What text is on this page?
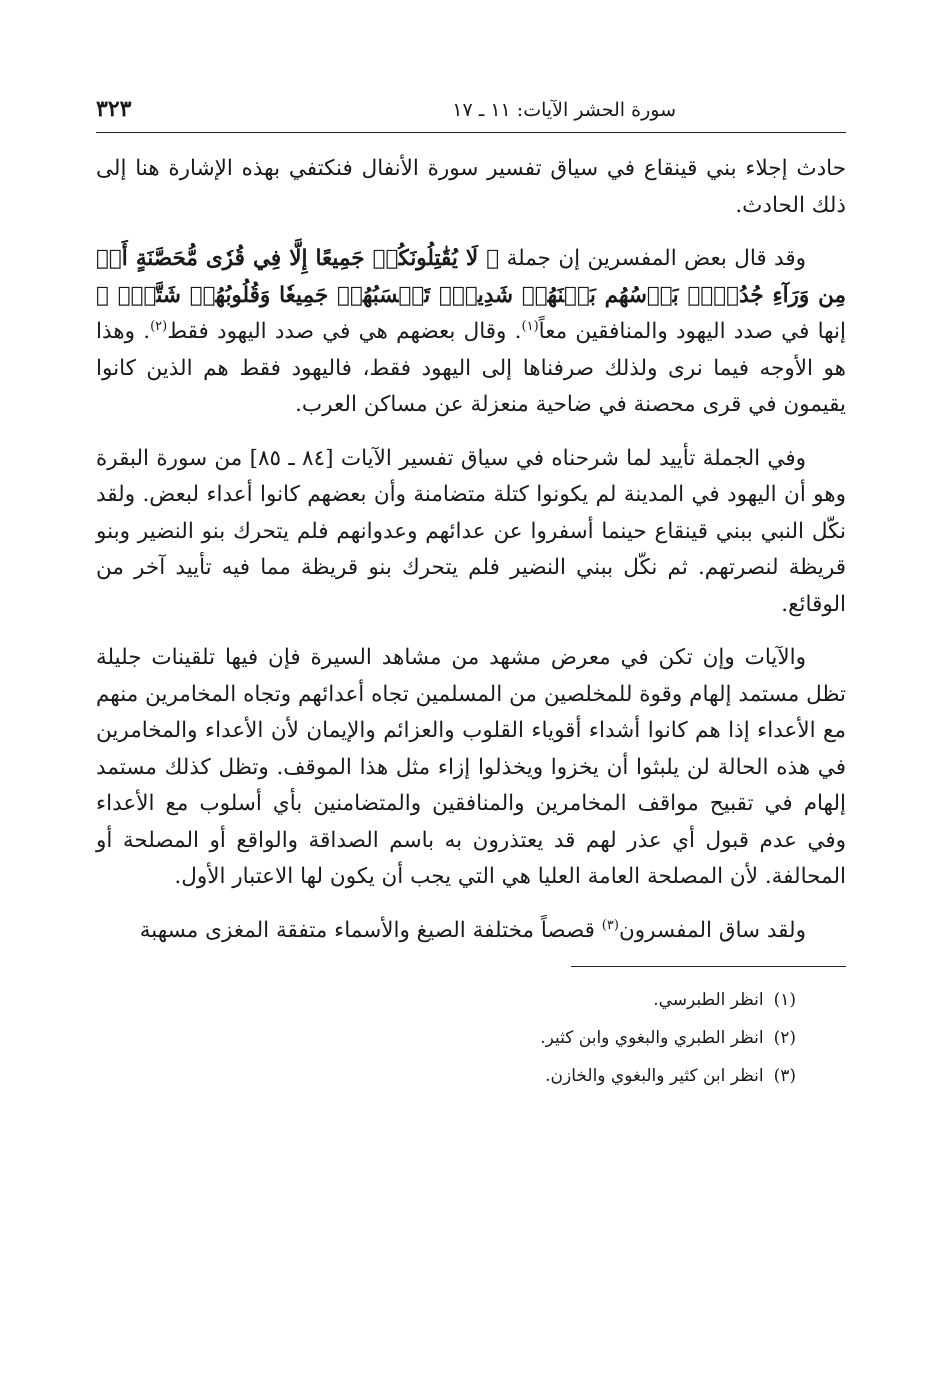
سورة الحشر الآيات: ١١ ـ ١٧
٣٢٣

حادث إجلاء بني قينقاع في سياق تفسير سورة الأنفال فنكتفي بهذه الإشارة هنا إلى ذلك الحادث.

وقد قال بعض المفسرين إن جملة ﴿ لَا يُقَٰتِلُونَكُمۡ جَمِيعًا إِلَّا فِي قُرٗى مُّحَصَّنَةٍ أَوۡ مِن وَرَآءِ جُدُرِۭۚ بَأۡسُهُم بَيۡنَهُمۡ شَدِيدٞۚ تَحۡسَبُهُمۡ جَمِيعٗا وَقُلُوبُهُمۡ شَتَّىٰۚ ﴾ إنها في صدد اليهود والمنافقين معاً$^{(١)}$. وقال بعضهم هي في صدد اليهود فقط$^{(٢)}$. وهذا هو الأوجه فيما نرى ولذلك صرفناها إلى اليهود فقط، فاليهود فقط هم الذين كانوا يقيمون في قرى محصنة في ضاحية منعزلة عن مساكن العرب.

وفي الجملة تأييد لما شرحناه في سياق تفسير الآيات [٨٤ ـ ٨٥] من سورة البقرة وهو أن اليهود في المدينة لم يكونوا كتلة متضامنة وأن بعضهم كانوا أعداء لبعض. ولقد نكّل النبي ببني قينقاع حينما أسفروا عن عدائهم وعدوانهم فلم يتحرك بنو النضير وبنو قريظة لنصرتهم. ثم نكّل ببني النضير فلم يتحرك بنو قريظة مما فيه تأييد آخر من الوقائع.

والآيات وإن تكن في معرض مشهد من مشاهد السيرة فإن فيها تلقينات جليلة تظل مستمد إلهام وقوة للمخلصين من المسلمين تجاه أعدائهم وتجاه المخامرين منهم مع الأعداء إذا هم كانوا أشداء أقوياء القلوب والعزائم والإيمان لأن الأعداء والمخامرين في هذه الحالة لن يلبثوا أن يخزوا ويخذلوا إزاء مثل هذا الموقف. وتظل كذلك مستمد إلهام في تقبيح مواقف المخامرين والمنافقين والمتضامنين بأي أسلوب مع الأعداء وفي عدم قبول أي عذر لهم قد يعتذرون به باسم الصداقة والواقع أو المصلحة أو المحالفة. لأن المصلحة العامة العليا هي التي يجب أن يكون لها الاعتبار الأول.

ولقد ساق المفسرون$^{(٣)}$ قصصاً مختلفة الصيغ والأسماء متفقة المغزى مسهبة

(١)
انظر الطبرسي.
(٢)
انظر الطبري والبغوي وابن كثير.
(٣)
انظر ابن كثير والبغوي والخازن.
